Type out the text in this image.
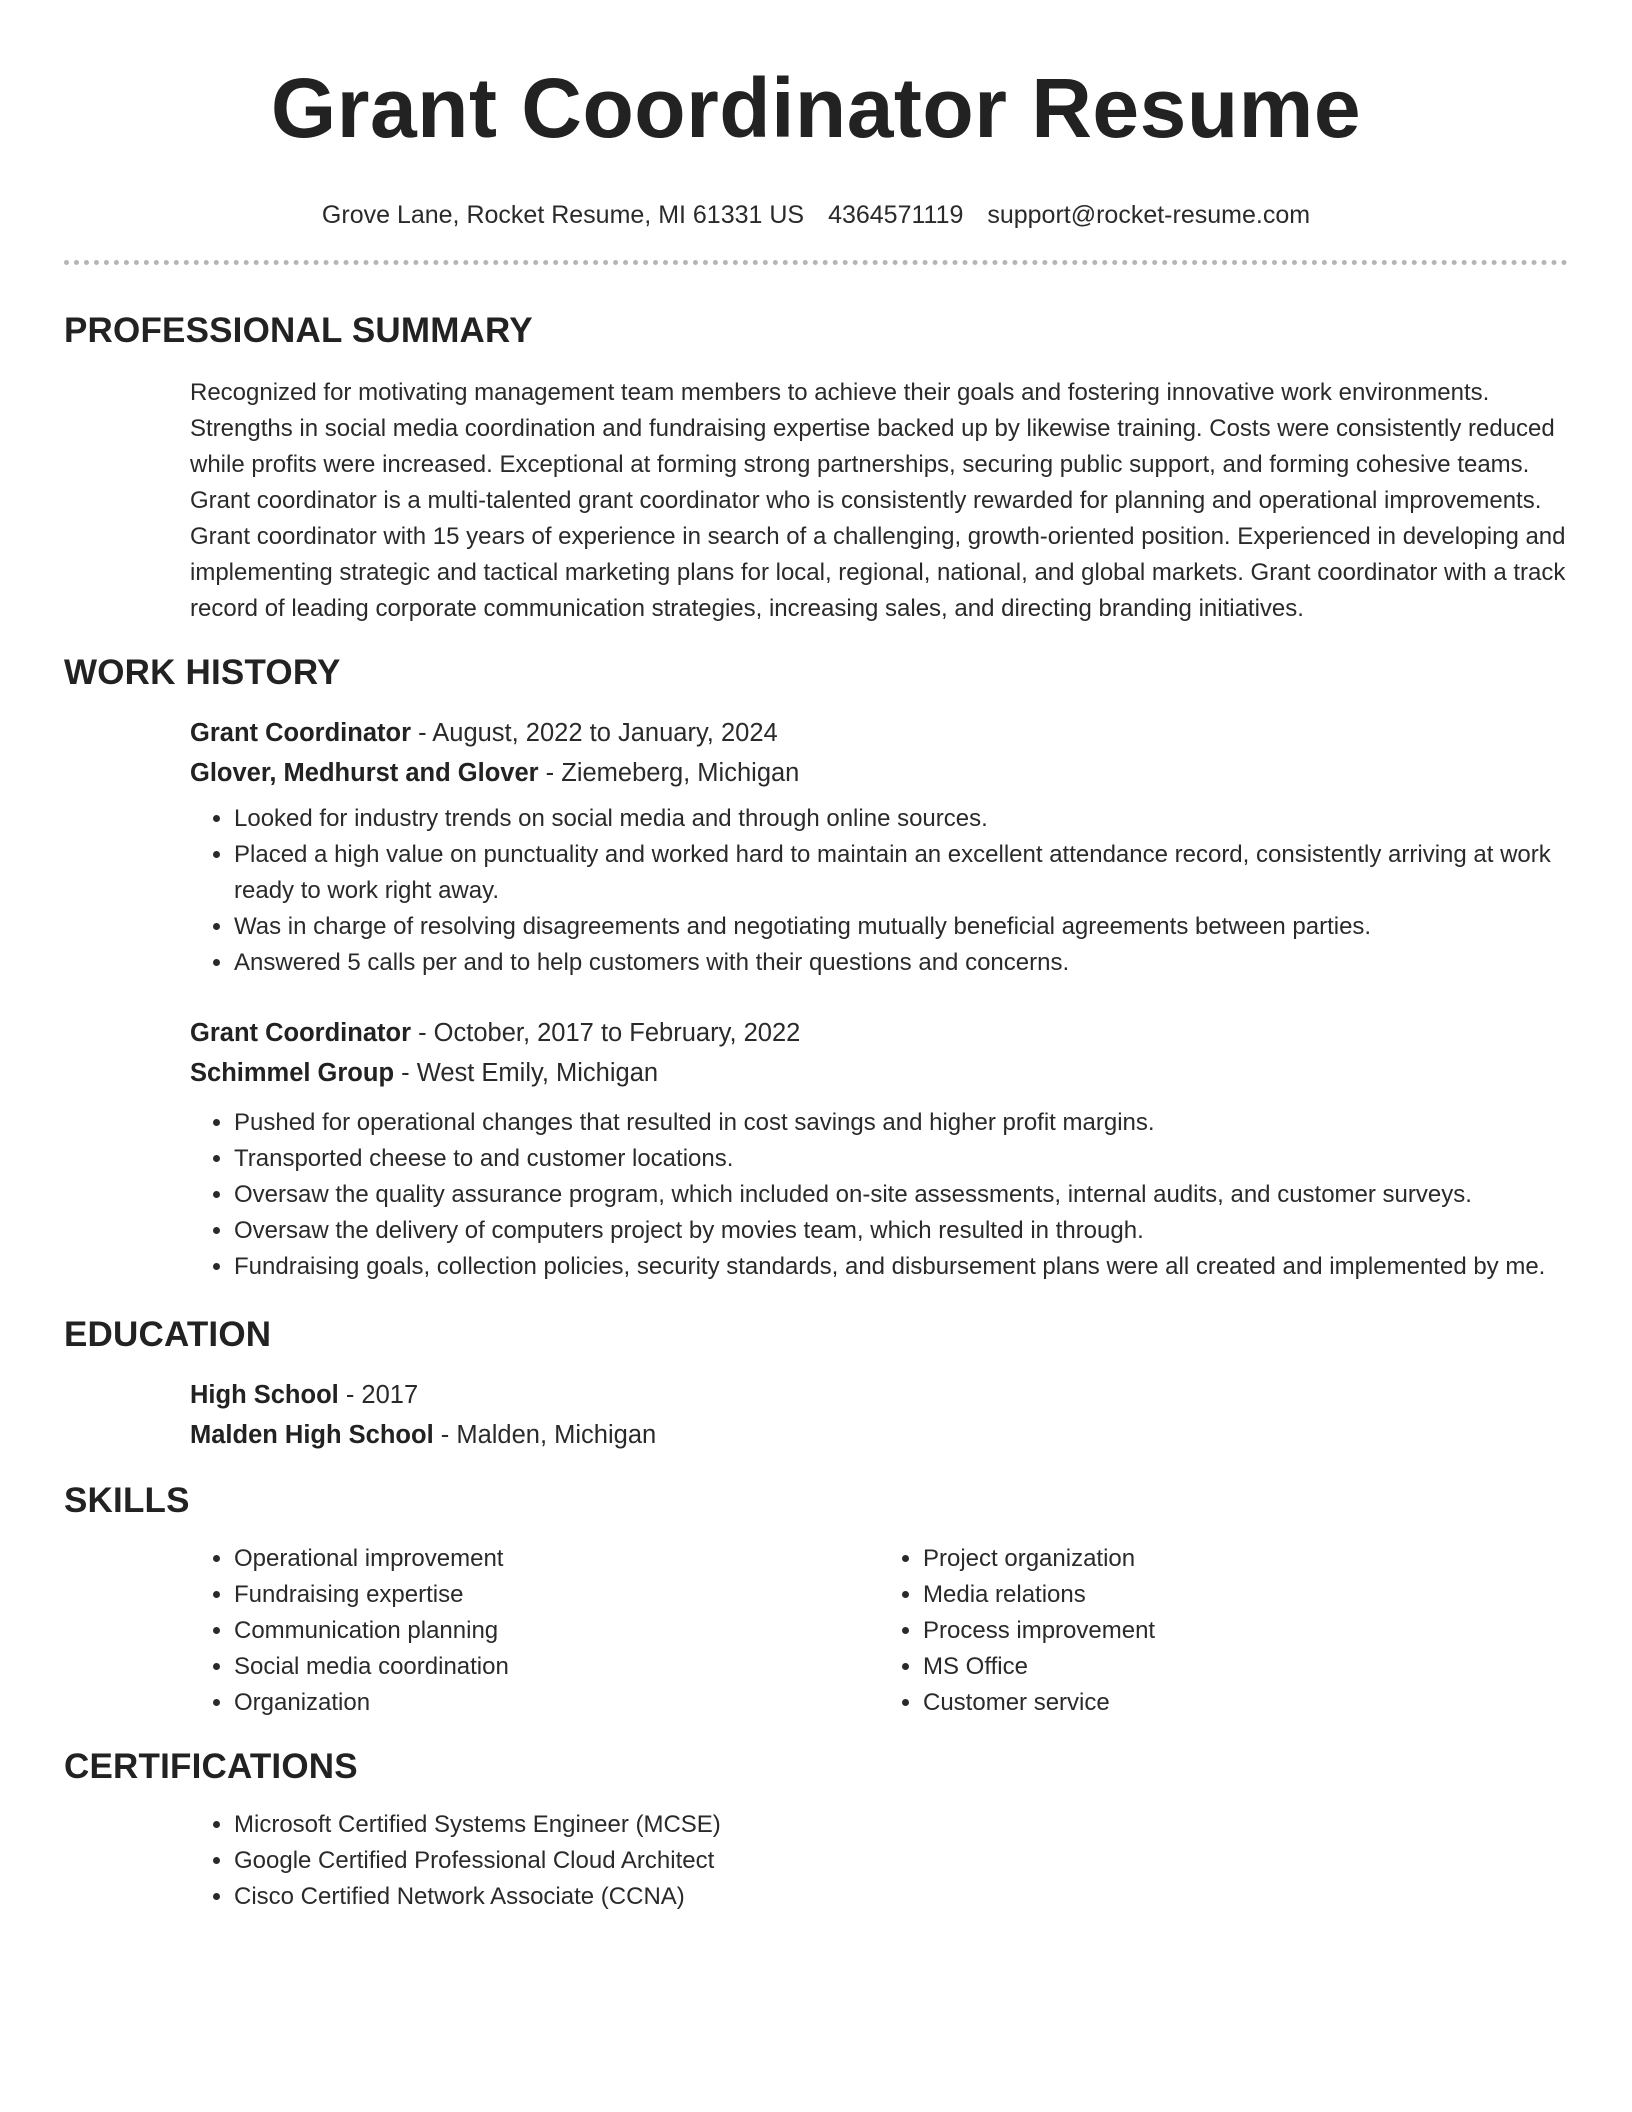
Grant Coordinator Resume
Grove Lane, Rocket Resume, MI 61331 US 4364571119 support@rocket-resume.com
PROFESSIONAL SUMMARY

Recognized for motivating management team members to achieve their goals and fostering innovative work environments. Strengths in social media coordination and fundraising expertise backed up by likewise training. Costs were consistently reduced while profits were increased. Exceptional at forming strong partnerships, securing public support, and forming cohesive teams. Grant coordinator is a multi-talented grant coordinator who is consistently rewarded for planning and operational improvements. Grant coordinator with 15 years of experience in search of a challenging, growth-oriented position. Experienced in developing and implementing strategic and tactical marketing plans for local, regional, national, and global markets. Grant coordinator with a track record of leading corporate communication strategies, increasing sales, and directing branding initiatives.

WORK HISTORY
Grant Coordinator - August, 2022 to January, 2024
Glover, Medhurst and Glover - Ziemeberg, Michigan
• Looked for industry trends on social media and through online sources.
• Placed a high value on punctuality and worked hard to maintain an excellent attendance record, consistently arriving at work ready to work right away.
• Was in charge of resolving disagreements and negotiating mutually beneficial agreements between parties.
• Answered 5 calls per and to help customers with their questions and concerns.
Grant Coordinator - October, 2017 to February, 2022
Schimmel Group - West Emily, Michigan
• Pushed for operational changes that resulted in cost savings and higher profit margins.
• Transported cheese to and customer locations.
• Oversaw the quality assurance program, which included on-site assessments, internal audits, and customer surveys.
• Oversaw the delivery of computers project by movies team, which resulted in through.
• Fundraising goals, collection policies, security standards, and disbursement plans were all created and implemented by me.
EDUCATION
High School - 2017
Malden High School - Malden, Michigan
SKILLS
• Operational improvement
• Fundraising expertise
• Communication planning
• Social media coordination
• Organization
• Project organization
• Media relations
• Process improvement
• MS Office
• Customer service
CERTIFICATIONS
• Microsoft Certified Systems Engineer (MCSE)
• Google Certified Professional Cloud Architect
• Cisco Certified Network Associate (CCNA)
